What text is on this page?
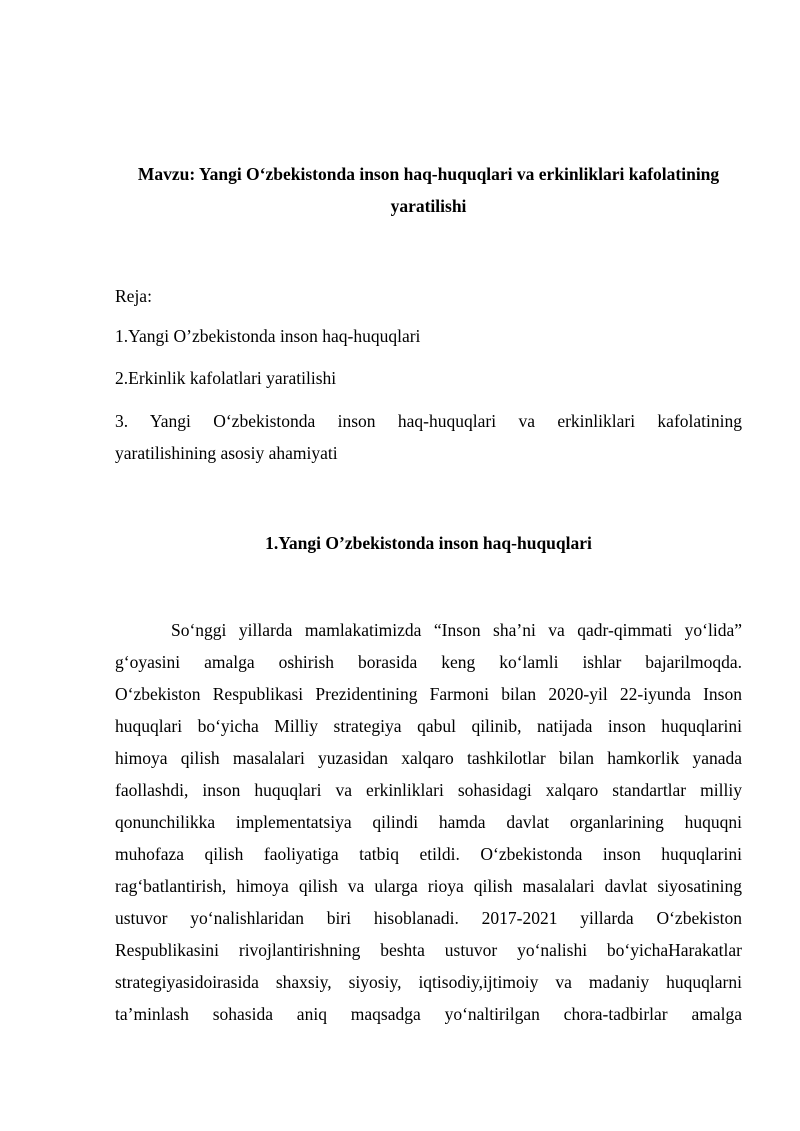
Mavzu: Yangi O‘zbekistonda inson haq-huquqlari va erkinliklari kafolatining
yaratilishi
Reja:
1.Yangi O’zbekistonda inson haq-huquqlari
2.Erkinlik kafolatlari yaratilishi
3. Yangi O‘zbekistonda inson haq-huquqlari va erkinliklari kafolatining
yaratilishining asosiy ahamiyati
1.Yangi O’zbekistonda inson haq-huquqlari
So‘nggi yillarda mamlakatimizda “Inson sha’ni va qadr-qimmati yo‘lida”
g‘oyasini amalga oshirish borasida keng ko‘lamli ishlar bajarilmoqda.
O‘zbekiston Respublikasi Prezidentining Farmoni bilan 2020-yil 22-iyunda Inson
huquqlari bo‘yicha Milliy strategiya qabul qilinib, natijada inson huquqlarini
himoya qilish masalalari yuzasidan xalqaro tashkilotlar bilan hamkorlik yanada
faollashdi, inson huquqlari va erkinliklari sohasidagi xalqaro standartlar milliy
qonunchilikka implementatsiya qilindi hamda davlat organlarining huquqni
muhofaza qilish faoliyatiga tatbiq etildi. O‘zbekistonda inson huquqlarini
rag‘batlantirish, himoya qilish va ularga rioya qilish masalalari davlat siyosatining
ustuvor yo‘nalishlaridan biri hisoblanadi. 2017-2021 yillarda O‘zbekiston
Respublikasini rivojlantirishning beshta ustuvor yo‘nalishi bo‘yichaHarakatlar
strategiyasidoirasida shaxsiy, siyosiy, iqtisodiy,ijtimoiy va madaniy huquqlarni
ta’minlash sohasida aniq maqsadga yo‘naltirilgan chora-tadbirlar amalga
